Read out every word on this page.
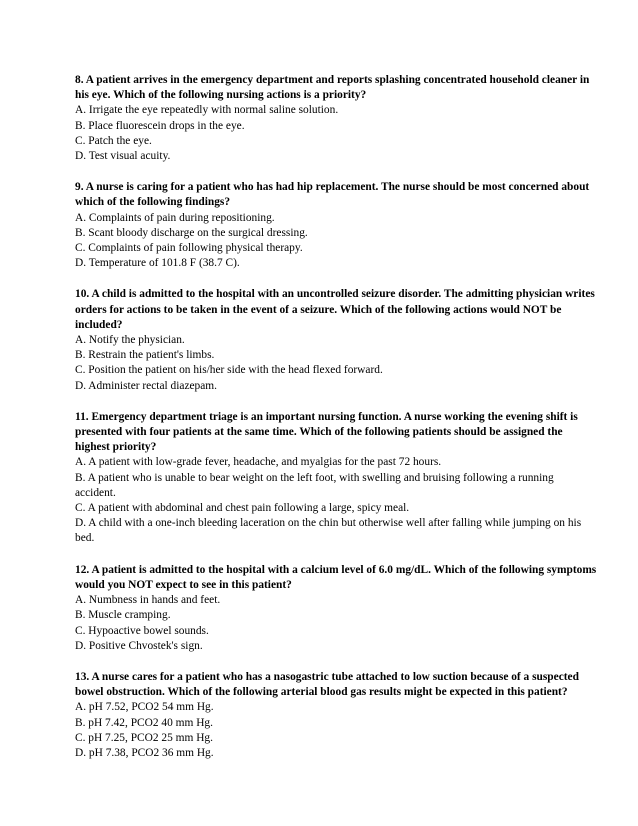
8. A patient arrives in the emergency department and reports splashing concentrated household cleaner in
his eye. Which of the following nursing actions is a priority?
A. Irrigate the eye repeatedly with normal saline solution.
B. Place fluorescein drops in the eye.
C. Patch the eye.
D. Test visual acuity.
9. A nurse is caring for a patient who has had hip replacement. The nurse should be most concerned about
which of the following findings?
A. Complaints of pain during repositioning.
B. Scant bloody discharge on the surgical dressing.
C. Complaints of pain following physical therapy.
D. Temperature of 101.8 F (38.7 C).
10. A child is admitted to the hospital with an uncontrolled seizure disorder. The admitting physician writes
orders for actions to be taken in the event of a seizure. Which of the following actions would NOT be
included?
A. Notify the physician.
B. Restrain the patient's limbs.
C. Position the patient on his/her side with the head flexed forward.
D. Administer rectal diazepam.
11. Emergency department triage is an important nursing function. A nurse working the evening shift is
presented with four patients at the same time. Which of the following patients should be assigned the
highest priority?
A. A patient with low-grade fever, headache, and myalgias for the past 72 hours.
B. A patient who is unable to bear weight on the left foot, with swelling and bruising following a running
accident.
C. A patient with abdominal and chest pain following a large, spicy meal.
D. A child with a one-inch bleeding laceration on the chin but otherwise well after falling while jumping on his
bed.
12. A patient is admitted to the hospital with a calcium level of 6.0 mg/dL. Which of the following symptoms
would you NOT expect to see in this patient?
A. Numbness in hands and feet.
B. Muscle cramping.
C. Hypoactive bowel sounds.
D. Positive Chvostek's sign.
13. A nurse cares for a patient who has a nasogastric tube attached to low suction because of a suspected
bowel obstruction. Which of the following arterial blood gas results might be expected in this patient?
A. pH 7.52, PCO2 54 mm Hg.
B. pH 7.42, PCO2 40 mm Hg.
C. pH 7.25, PCO2 25 mm Hg.
D. pH 7.38, PCO2 36 mm Hg.
